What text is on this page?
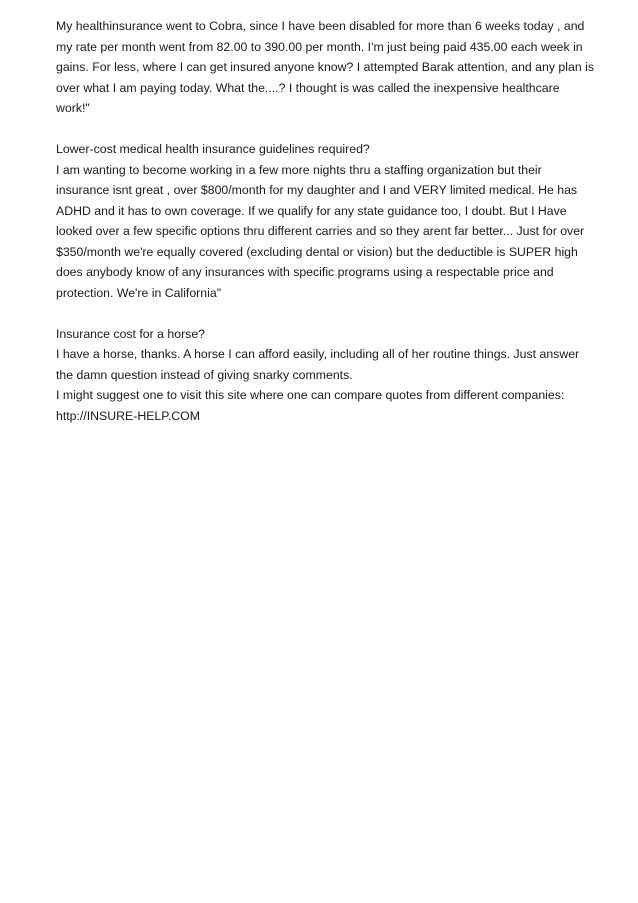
My healthinsurance went to Cobra, since I have been disabled for more than 6 weeks today , and my rate per month went from 82.00 to 390.00 per month. I'm just being paid 435.00 each week in gains. For less, where I can get insured anyone know? I attempted Barak attention, and any plan is over what I am paying today. What the....? I thought is was called the inexpensive healthcare work!"

Lower-cost medical health insurance guidelines required?

I am wanting to become working in a few more nights thru a staffing organization but their insurance isnt great , over $800/month for my daughter and I and VERY limited medical. He has ADHD and it has to own coverage. If we qualify for any state guidance too, I doubt. But I Have looked over a few specific options thru different carries and so they arent far better... Just for over $350/month we're equally covered (excluding dental or vision) but the deductible is SUPER high does anybody know of any insurances with specific programs using a respectable price and protection. We're in California"

Insurance cost for a horse?

I have a horse, thanks. A horse I can afford easily, including all of her routine things. Just answer the damn question instead of giving snarky comments.

I might suggest one to visit this site where one can compare quotes from different companies: http://INSURE-HELP.COM
